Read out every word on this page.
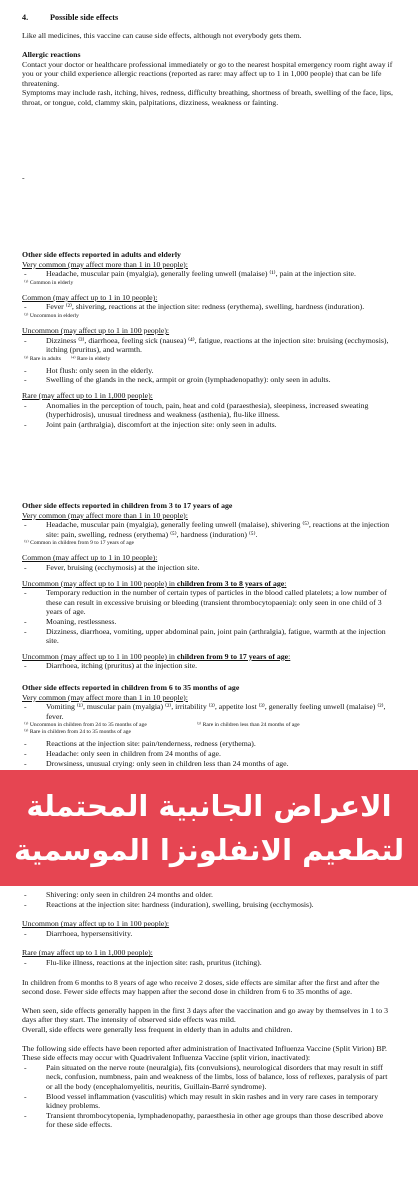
4.	Possible side effects

Like all medicines, this vaccine can cause side effects, although not everybody gets them.

Allergic reactions

Contact your doctor or healthcare professional immediately or go to the nearest hospital emergency room right away if you or your child experience allergic reactions (reported as rare: may affect up to 1 in 1,000 people) that can be life threatening.

Symptoms may include rash, itching, hives, redness, difficulty breathing, shortness of breath, swelling of the face, lips, throat, or tongue, cold, clammy skin, palpitations, dizziness, weakness or fainting.

-

Other side effects reported in adults and elderly

Very common (may affect more than 1 in 10 people):

- Headache, muscular pain (myalgia), generally feeling unwell (malaise) ⁽¹⁾, pain at the injection site.

⁽¹⁾ Common in elderly

Common (may affect up to 1 in 10 people):

- Fever ⁽²⁾, shivering, reactions at the injection site: redness (erythema), swelling, hardness (induration).

⁽²⁾ Uncommon in elderly

Uncommon (may affect up to 1 in 100 people):

- Dizziness ⁽³⁾, diarrhoea, feeling sick (nausea) ⁽⁴⁾, fatigue, reactions at the injection site: bruising (ecchymosis), itching (pruritus), and warmth.

⁽³⁾ Rare in adults ⁽⁴⁾ Rare in elderly

- Hot flush: only seen in the elderly.

- Swelling of the glands in the neck, armpit or groin (lymphadenopathy): only seen in adults.

Rare (may affect up to 1 in 1,000 people):

- Anomalies in the perception of touch, pain, heat and cold (paraesthesia), sleepiness, increased sweating (hyperhidrosis), unusual tiredness and weakness (asthenia), flu-like illness.

- Joint pain (arthralgia), discomfort at the injection site: only seen in adults.

Other side effects reported in children from 3 to 17 years of age

Very common (may affect more than 1 in 10 people):

- Headache, muscular pain (myalgia), generally feeling unwell (malaise), shivering ⁽⁵⁾, reactions at the injection site: pain, swelling, redness (erythema) ⁽⁵⁾, hardness (induration) ⁽⁵⁾.

⁽⁵⁾ Common in children from 9 to 17 years of age

Common (may affect up to 1 in 10 people):

- Fever, bruising (ecchymosis) at the injection site.

Uncommon (may affect up to 1 in 100 people) in children from 3 to 8 years of age:

- Temporary reduction in the number of certain types of particles in the blood called platelets; a low number of these can result in excessive bruising or bleeding (transient thrombocytopaenia): only seen in one child of 3 years of age.

- Moaning, restlessness.

- Dizziness, diarrhoea, vomiting, upper abdominal pain, joint pain (arthralgia), fatigue, warmth at the injection site.

Uncommon (may affect up to 1 in 100 people) in children from 9 to 17 years of age:

- Diarrhoea, itching (pruritus) at the injection site.

Other side effects reported in children from 6 to 35 months of age

Very common (may affect more than 1 in 10 people):

- Vomiting ⁽¹⁾, muscular pain (myalgia) ⁽²⁾, irritability ⁽³⁾, appetite lost ⁽³⁾, generally feeling unwell (malaise) ⁽²⁾, fever.

⁽¹⁾ Uncommon in children from 24 to 35 months of age	⁽²⁾ Rare in children less than 24 months of age

⁽³⁾ Rare in children from 24 to 35 months of age

- Reactions at the injection site: pain/tenderness, redness (erythema).

- Headache: only seen in children from 24 months of age.

- Drowsiness, unusual crying: only seen in children less than 24 months of age.

الاعراض الجانبية المحتملة
لتطعيم الانفلونزا الموسمية

- Shivering: only seen in children 24 months and older.

- Reactions at the injection site: hardness (induration), swelling, bruising (ecchymosis).

Uncommon (may affect up to 1 in 100 people):

- Diarrhoea, hypersensitivity.

Rare (may affect up to 1 in 1,000 people):

- Flu-like illness, reactions at the injection site: rash, pruritus (itching).

In children from 6 months to 8 years of age who receive 2 doses, side effects are similar after the first and after the second dose. Fewer side effects may happen after the second dose in children from 6 to 35 months of age.

When seen, side effects generally happen in the first 3 days after the vaccination and go away by themselves in 1 to 3 days after they start. The intensity of observed side effects was mild.

Overall, side effects were generally less frequent in elderly than in adults and children.

The following side effects have been reported after administration of Inactivated Influenza Vaccine (Split Virion) BP. These side effects may occur with Quadrivalent Influenza Vaccine (split virion, inactivated):

- Pain situated on the nerve route (neuralgia), fits (convulsions), neurological disorders that may result in stiff neck, confusion, numbness, pain and weakness of the limbs, loss of balance, loss of reflexes, paralysis of part or all the body (encephalomyelitis, neuritis, Guillain-Barré syndrome).

- Blood vessel inflammation (vasculitis) which may result in skin rashes and in very rare cases in temporary kidney problems.

- Transient thrombocytopenia, lymphadenopathy, paraesthesia in other age groups than those described above for these side effects.
